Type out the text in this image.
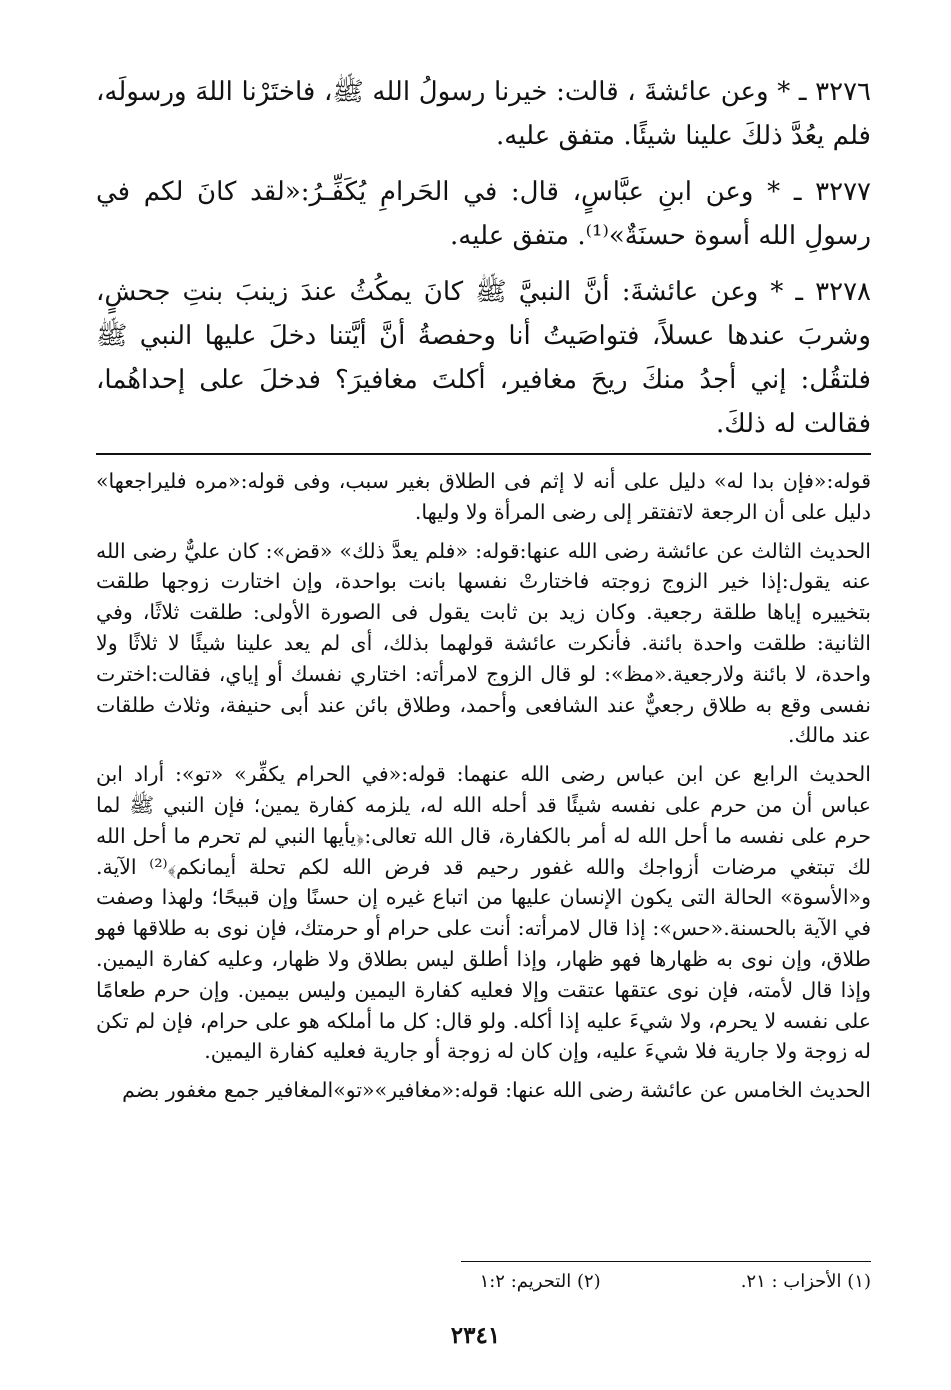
٣٢٧٦ ـ * وعن عائشةَ ، قالت: خيرنا رسولُ الله ﷺ، فاختَرْنا اللهَ ورسولَه، فلم يعُدَّ ذلكَ علينا شيئًا. متفق عليه.

٣٢٧٧ ـ * وعن ابنِ عبَّاسٍ، قال: في الحَرامِ يُكَفِّـرُ:«لقد كانَ لكم في رسولِ الله أسوة حسنَةٌ»⁽¹⁾. متفق عليه.

٣٢٧٨ ـ * وعن عائشةَ: أنَّ النبيَّ ﷺ كانَ يمكُثُ عندَ زينبَ بنتِ جحشٍ، وشربَ عندها عسلاً، فتواصَيتُ أنا وحفصةُ أنَّ أيَّتنا دخلَ عليها النبي ﷺ فلتقُل: إني أجدُ منكَ ريحَ مغافير، أكلتَ مغافيرَ؟ فدخلَ على إحداهُما، فقالت له ذلكَ.

قوله:«فإن بدا له» دليل على أنه لا إثم فى الطلاق بغير سبب، وفى قوله:«مره فليراجعها» دليل على أن الرجعة لاتفتقر إلى رضى المرأة ولا وليها.

الحديث الثالث عن عائشة رضى الله عنها:قوله: «فلم يعدَّ ذلك» «قض»: كان عليٌّ رضى الله عنه يقول:إذا خير الزوج زوجته فاختارتْ نفسها بانت بواحدة، وإن اختارت زوجها طلقت بتخييره إياها طلقة رجعية. وكان زيد بن ثابت يقول فى الصورة الأولى: طلقت ثلاثًا، وفي الثانية: طلقت واحدة بائنة. فأنكرت عائشة قولهما بذلك، أى لم يعد علينا شيئًا لا ثلاثًا ولا واحدة، لا بائنة ولارجعية.«مظ»: لو قال الزوج لامرأته: اختاري نفسك أو إياي، فقالت:اخترت نفسى وقع به طلاق رجعيٌّ عند الشافعى وأحمد، وطلاق بائن عند أبى حنيفة، وثلاث طلقات عند مالك.

الحديث الرابع عن ابن عباس رضى الله عنهما: قوله:«في الحرام يكفِّر» «تو»: أراد ابن عباس أن من حرم على نفسه شيئًا قد أحله الله له، يلزمه كفارة يمين؛ فإن النبي ﷺ لما حرم على نفسه ما أحل الله له أمر بالكفارة، قال الله تعالى:﴿يأيها النبي لم تحرم ما أحل الله لك تبتغي مرضات أزواجك والله غفور رحيم قد فرض الله لكم تحلة أيمانكم﴾⁽²⁾ الآية. و«الأسوة» الحالة التى يكون الإنسان عليها من اتباع غيره إن حسنًا وإن قبيحًا؛ ولهذا وصفت في الآية بالحسنة.«حس»: إذا قال لامرأته: أنت على حرام أو حرمتك، فإن نوى به طلاقها فهو طلاق، وإن نوى به ظهارها فهو ظهار، وإذا أطلق ليس بطلاق ولا ظهار، وعليه كفارة اليمين. وإذا قال لأمته، فإن نوى عتقها عتقت وإلا فعليه كفارة اليمين وليس بيمين. وإن حرم طعامًا على نفسه لا يحرم، ولا شيءَ عليه إذا أكله. ولو قال: كل ما أملكه هو على حرام، فإن لم تكن له زوجة ولا جارية فلا شيءَ عليه، وإن كان له زوجة أو جارية فعليه كفارة اليمين.

الحديث الخامس عن عائشة رضى الله عنها: قوله:«مغافير»«تو»المغافير جمع مغفور بضم

(١) الأحزاب : ٢١.
(٢) التحريم: ١:٢
٢٣٤١
